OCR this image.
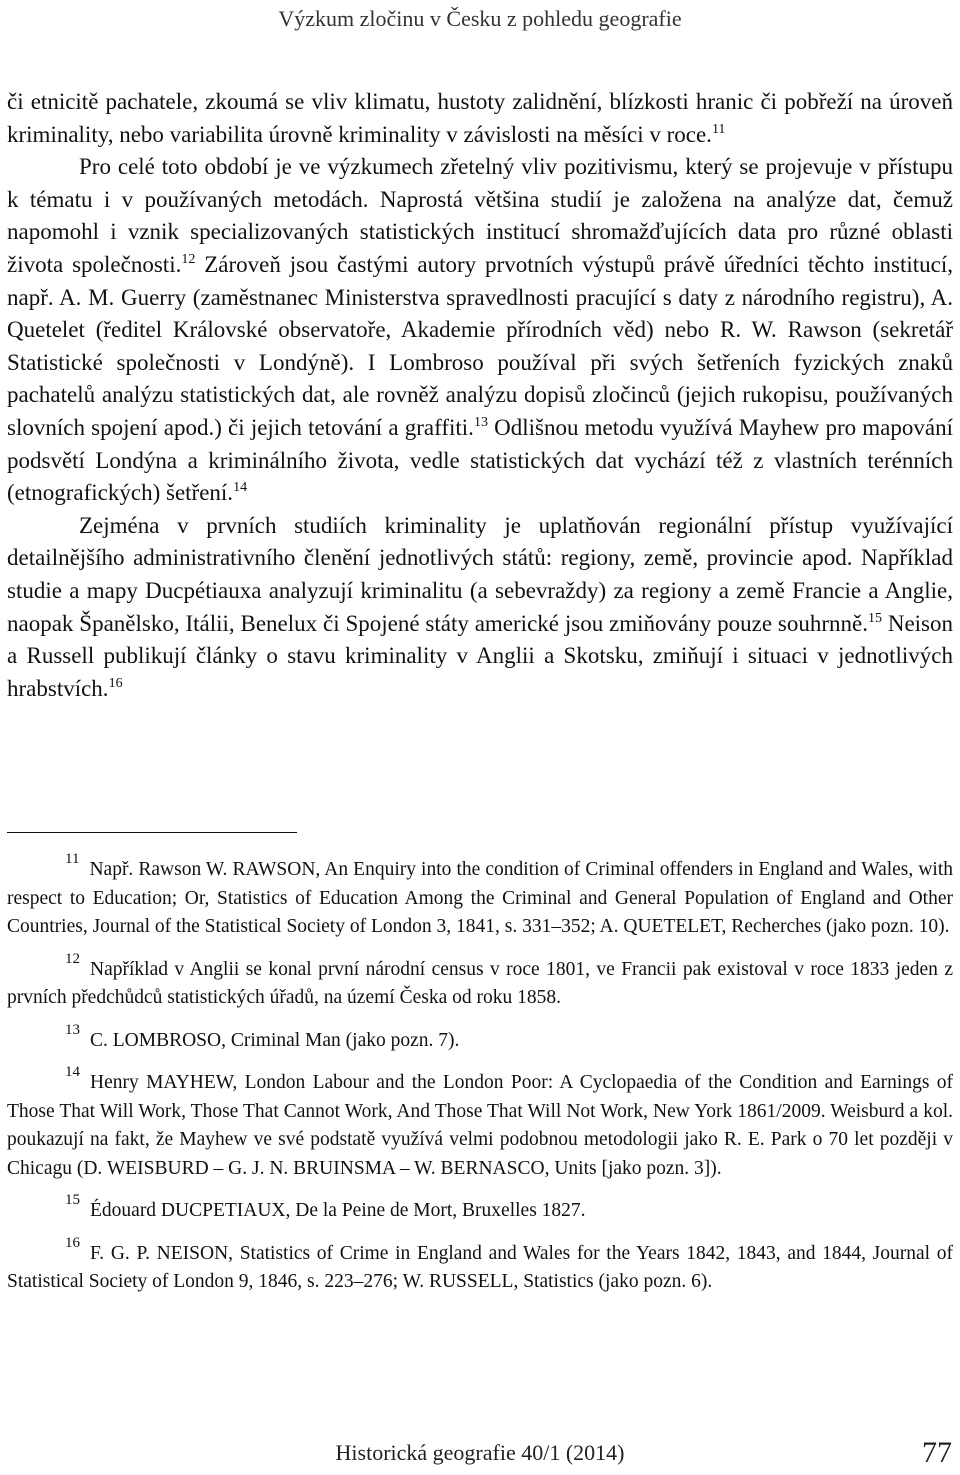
Výzkum zločinu v Česku z pohledu geografie

či etnicitě pachatele, zkoumá se vliv klimatu, hustoty zalidnění, blízkosti hranic či pobřeží na úroveň kriminality, nebo variabilita úrovně kriminality v závislosti na měsíci v roce.$^{11}$

Pro celé toto období je ve výzkumech zřetelný vliv pozitivismu, který se projevuje v přístupu k tématu i v používaných metodách. Naprostá většina studií je založena na analýze dat, čemuž napomohl i vznik specializovaných statistických institucí shromažďujících data pro různé oblasti života společnosti.$^{12}$ Zároveň jsou častými autory prvotních výstupů právě úředníci těchto institucí, např. A. M. Guerry (zaměstnanec Ministerstva spravedlnosti pracující s daty z národního registru), A. Quetelet (ředitel Královské observatoře, Akademie přírodních věd) nebo R. W. Rawson (sekretář Statistické společnosti v Londýně). I Lombroso používal při svých šetřeních fyzických znaků pachatelů analýzu statistických dat, ale rovněž analýzu dopisů zločinců (jejich rukopisu, používaných slovních spojení apod.) či jejich tetování a graffiti.$^{13}$ Odlišnou metodu využívá Mayhew pro mapování podsvětí Londýna a kriminálního života, vedle statistických dat vychází též z vlastních terénních (etnografických) šetření.$^{14}$

Zejména v prvních studiích kriminality je uplatňován regionální přístup využívající detailnějšího administrativního členění jednotlivých států: regiony, země, provincie apod. Například studie a mapy Ducpétiauxa analyzují kriminalitu (a sebevraždy) za regiony a země Francie a Anglie, naopak Španělsko, Itálii, Benelux či Spojené státy americké jsou zmiňovány pouze souhrnně.$^{15}$ Neison a Russell publikují články o stavu kriminality v Anglii a Skotsku, zmiňují i situaci v jednotlivých hrabstvích.$^{16}$

$^{11}$ Např. Rawson W. RAWSON, An Enquiry into the condition of Criminal offenders in England and Wales, with respect to Education; Or, Statistics of Education Among the Criminal and General Population of England and Other Countries, Journal of the Statistical Society of London 3, 1841, s. 331–352; A. QUETELET, Recherches (jako pozn. 10).

$^{12}$ Například v Anglii se konal první národní census v roce 1801, ve Francii pak existoval v roce 1833 jeden z prvních předchůdců statistických úřadů, na území Česka od roku 1858.

$^{13}$ C. LOMBROSO, Criminal Man (jako pozn. 7).

$^{14}$ Henry MAYHEW, London Labour and the London Poor: A Cyclopaedia of the Condition and Earnings of Those That Will Work, Those That Cannot Work, And Those That Will Not Work, New York 1861/2009. Weisburd a kol. poukazují na fakt, že Mayhew ve své podstatě využívá velmi podobnou metodologii jako R. E. Park o 70 let později v Chicagu (D. WEISBURD – G. J. N. BRUINSMA – W. BERNASCO, Units [jako pozn. 3]).

$^{15}$ Édouard DUCPETIAUX, De la Peine de Mort, Bruxelles 1827.

$^{16}$ F. G. P. NEISON, Statistics of Crime in England and Wales for the Years 1842, 1843, and 1844, Journal of Statistical Society of London 9, 1846, s. 223–276; W. RUSSELL, Statistics (jako pozn. 6).

Historická geografie 40/1 (2014)	77
